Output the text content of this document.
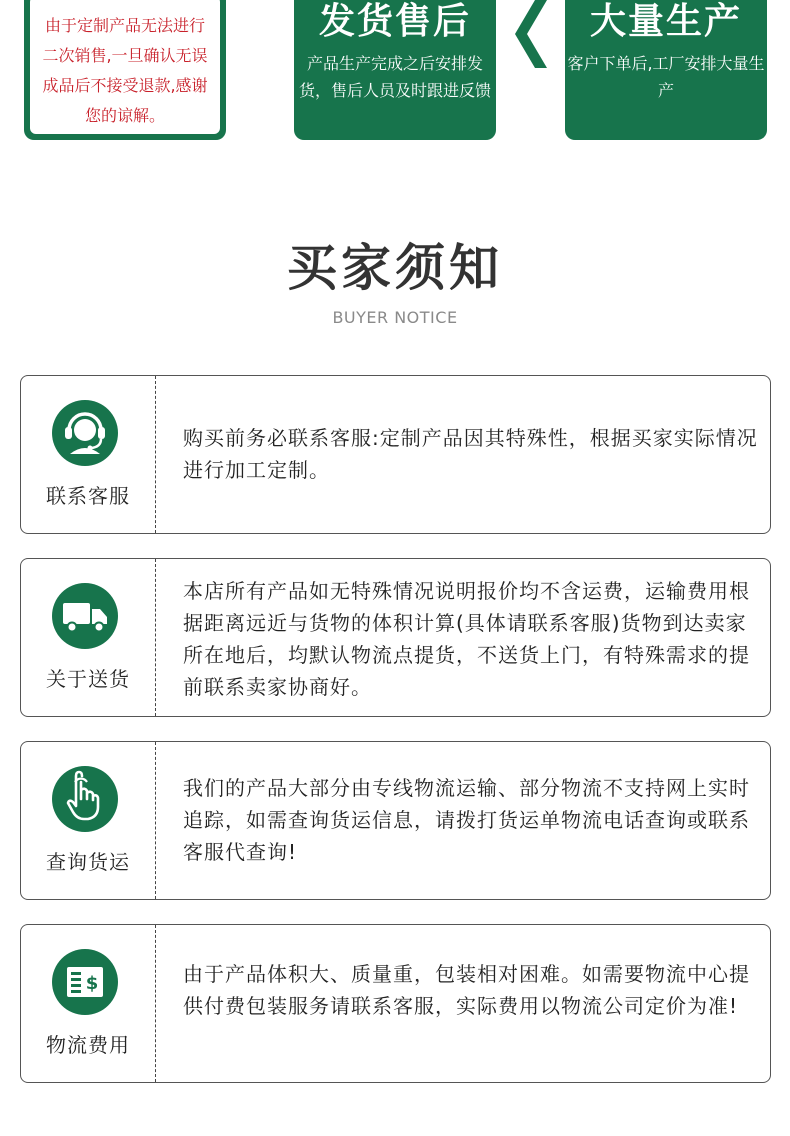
由于定制产品无法进行二次销售,一旦确认无误成品后不接受退款,感谢您的谅解。

发货售后

产品生产完成之后安排发货，售后人员及时跟进反馈

大量生产

客户下单后,工厂安排大量生产

买家须知
BUYER NOTICE
联系客服
购买前务必联系客服:定制产品因其特殊性，根据买家实际情况进行加工定制。
关于送货
本店所有产品如无特殊情况说明报价均不含运费，运输费用根据距离远近与货物的体积计算(具体请联系客服)货物到达卖家所在地后，均默认物流点提货，不送货上门，有特殊需求的提前联系卖家协商好。
查询货运
我们的产品大部分由专线物流运输、部分物流不支持网上实时追踪，如需查询货运信息，请拨打货运单物流电话查询或联系客服代查询!
$
物流费用
由于产品体积大、质量重，包装相对困难。如需要物流中心提供付费包装服务请联系客服，实际费用以物流公司定价为准!
